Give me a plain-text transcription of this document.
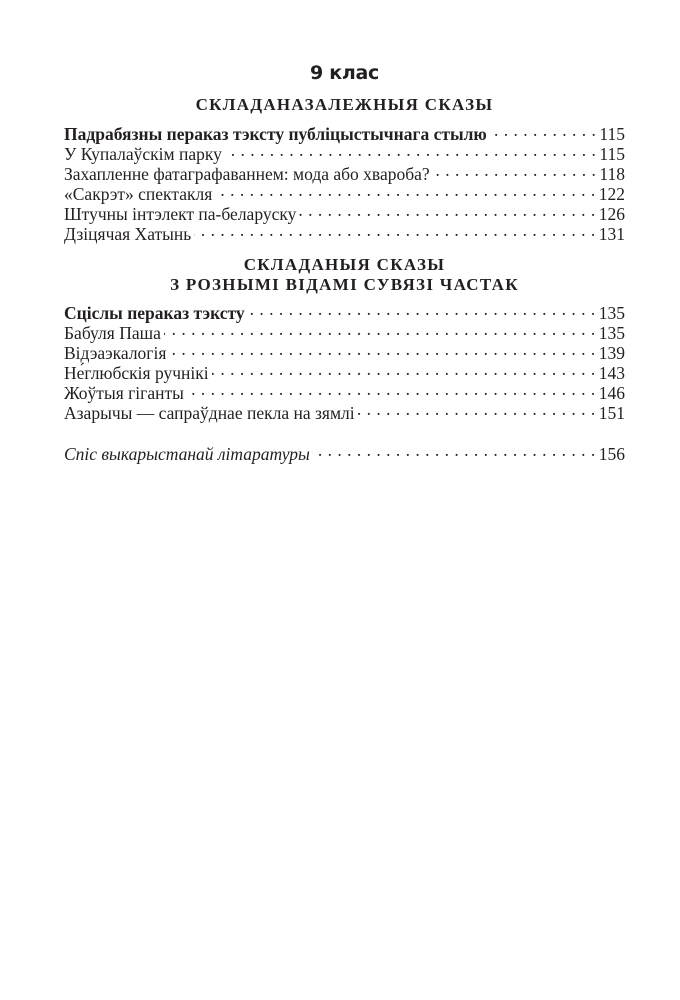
9 клас
СКЛАДАНАЗАЛЕЖНЫЯ СКАЗЫ
Падрабязны пераказ тэксту публіцыстычнага стылю . . .	115
У Купалаўскім парку . . .	115
Захапленне фатаграфаваннем: мода або хвароба? . . .	118
«Сакрэт» спектакля . . .	122
Штучны інтэлект па-беларуску . . .	126
Дзіцячая Хатынь . . .	131
СКЛАДАНЫЯ СКАЗЫ
З РОЗНЫМІ ВІДАМІ СУВЯЗІ ЧАСТАК
Сціслы пераказ тэксту . . .	135
Бабуля Паша . . .	135
Відэаэкалогія . . .	139
Не́глюбскія ручнікі . . .	143
Жоўтыя гіганты . . .	146
Азарычы — сапраўднае пекла на зямлі . . .	151
Спіс выкарыстанай літаратуры . . .	156
